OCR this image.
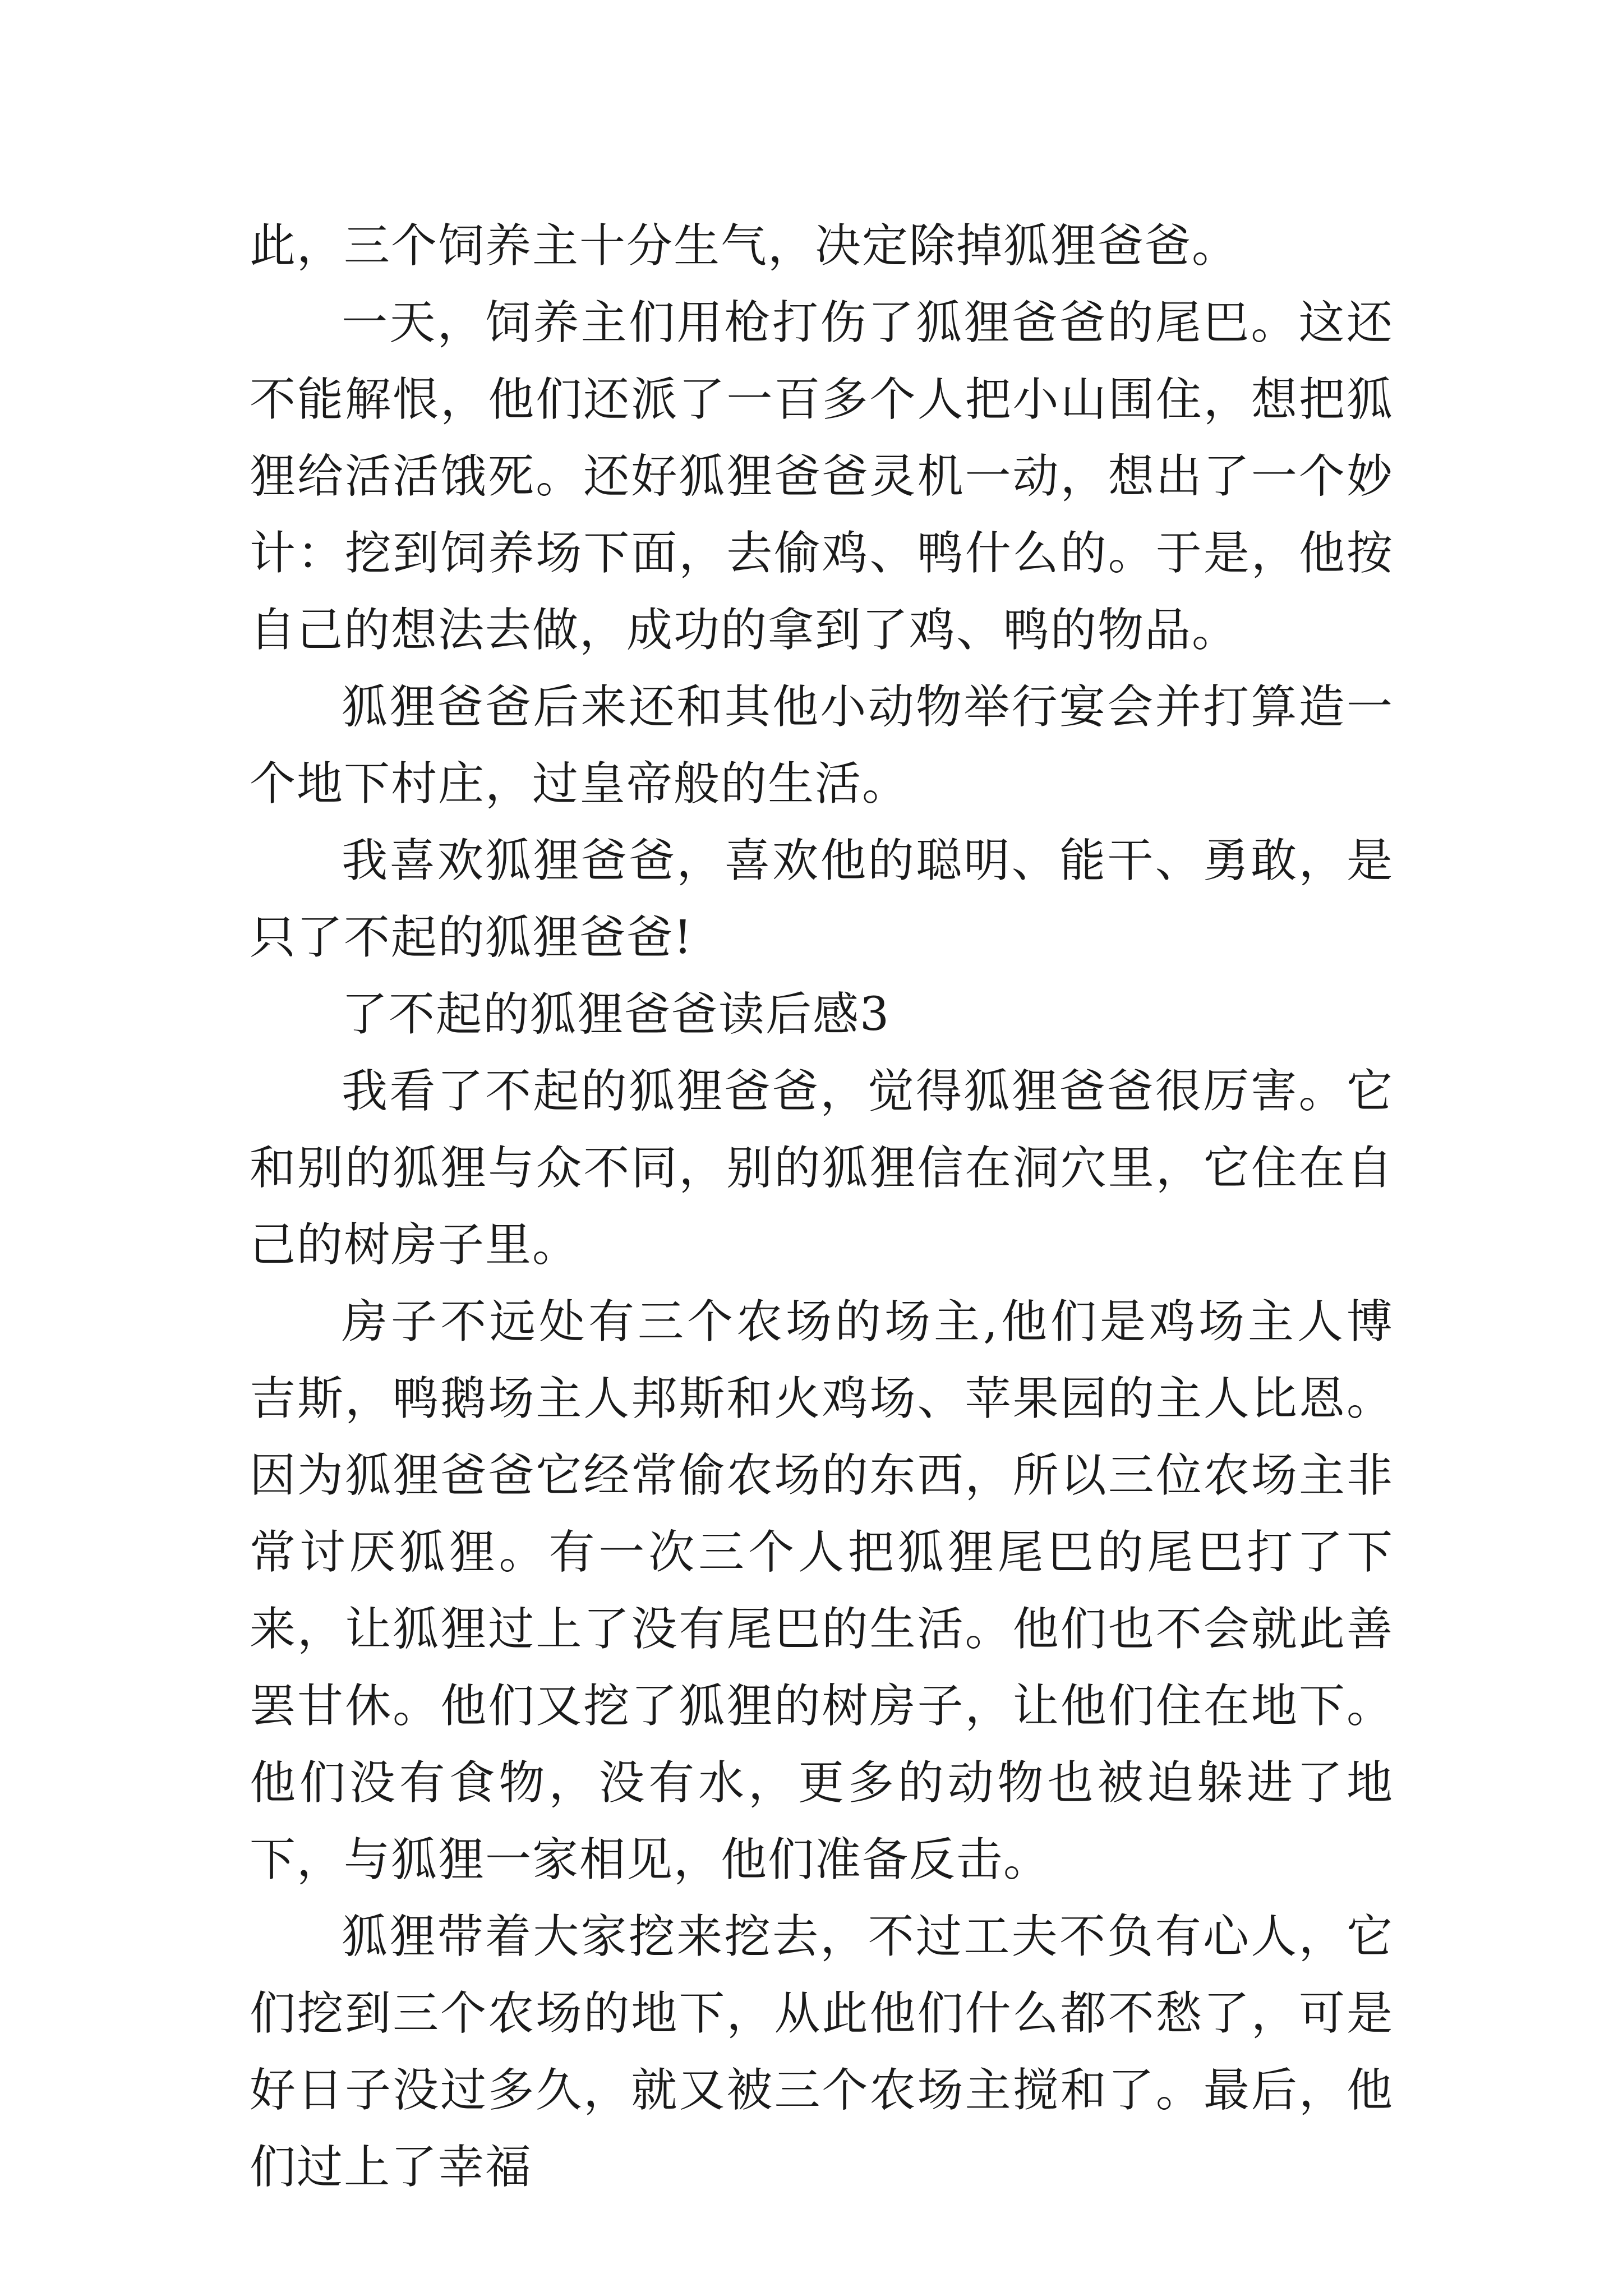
此，三个饲养主十分生气，决定除掉狐狸爸爸。

一天，饲养主们用枪打伤了狐狸爸爸的尾巴。这还不能解恨，他们还派了一百多个人把小山围住，想把狐狸给活活饿死。还好狐狸爸爸灵机一动，想出了一个妙计：挖到饲养场下面，去偷鸡、鸭什么的。于是，他按自己的想法去做，成功的拿到了鸡、鸭的物品。

狐狸爸爸后来还和其他小动物举行宴会并打算造一个地下村庄，过皇帝般的生活。

我喜欢狐狸爸爸，喜欢他的聪明、能干、勇敢，是只了不起的狐狸爸爸!

了不起的狐狸爸爸读后感3

我看了不起的狐狸爸爸，觉得狐狸爸爸很厉害。它和别的狐狸与众不同，别的狐狸信在洞穴里，它住在自己的树房子里。

房子不远处有三个农场的场主,他们是鸡场主人博吉斯，鸭鹅场主人邦斯和火鸡场、苹果园的主人比恩。因为狐狸爸爸它经常偷农场的东西，所以三位农场主非常讨厌狐狸。有一次三个人把狐狸尾巴的尾巴打了下来，让狐狸过上了没有尾巴的生活。他们也不会就此善罢甘休。他们又挖了狐狸的树房子，让他们住在地下。他们没有食物，没有水，更多的动物也被迫躲进了地下，与狐狸一家相见，他们准备反击。

狐狸带着大家挖来挖去，不过工夫不负有心人，它们挖到三个农场的地下，从此他们什么都不愁了，可是好日子没过多久，就又被三个农场主搅和了。最后，他们过上了幸福
